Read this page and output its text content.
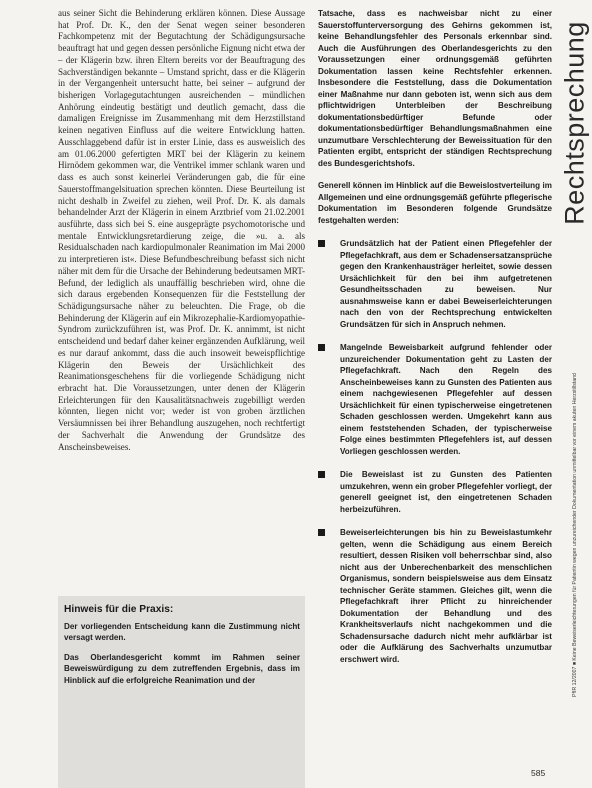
aus seiner Sicht die Behinderung erklären können. Diese Aussage hat Prof. Dr. K., den der Senat wegen seiner besonderen Fachkompetenz mit der Begutachtung der Schädigungsursache beauftragt hat und gegen dessen persönliche Eignung nicht etwa der – der Klägerin bzw. ihren Eltern bereits vor der Beauftragung des Sachverständigen bekannte – Umstand spricht, dass er die Klägerin in der Vergangenheit untersucht hatte, bei seiner – aufgrund der bisherigen Vorlagegutachtungen ausreichenden – mündlichen Anhörung eindeutig bestätigt und deutlich gemacht, dass die damaligen Ereignisse im Zusammenhang mit dem Herzstillstand keinen negativen Einfluss auf die weitere Entwicklung hatten. Ausschlaggebend dafür ist in erster Linie, dass es ausweislich des am 01.06.2000 gefertigten MRT bei der Klägerin zu keinem Hirnödem gekommen war, die Ventrikel immer schlank waren und dass es auch sonst keinerlei Veränderungen gab, die für eine Sauerstoffmangelsituation sprechen könnten. Diese Beurteilung ist nicht deshalb in Zweifel zu ziehen, weil Prof. Dr. K. als damals behandelnder Arzt der Klägerin in einem Arztbrief vom 21.02.2001 ausführte, dass sich bei S. eine ausgeprägte psychomotorische und mentale Entwicklungsretardierung zeige, die »u. a. als Residualschaden nach kardiopulmonaler Reanimation im Mai 2000 zu interpretieren ist«. Diese Befundbeschreibung befasst sich nicht näher mit dem für die Ursache der Behinderung bedeutsamen MRT-Befund, der lediglich als unauffällig beschrieben wird, ohne die sich daraus ergebenden Konsequenzen für die Feststellung der Schädigungsursache näher zu beleuchten. Die Frage, ob die Behinderung der Klägerin auf ein Mikrozephalie-Kardiomyopathie-Syndrom zurückzuführen ist, was Prof. Dr. K. annimmt, ist nicht entscheidend und bedarf daher keiner ergänzenden Aufklärung, weil es nur darauf ankommt, dass die auch insoweit beweispflichtige Klägerin den Beweis der Ursächlichkeit des Reanimationsgeschehens für die vorliegende Schädigung nicht erbracht hat. Die Voraussetzungen, unter denen der Klägerin Erleichterungen für den Kausalitätsnachweis zugebilligt werden könnten, liegen nicht vor; weder ist von groben ärztlichen Versäumnissen bei ihrer Behandlung auszugehen, noch rechtfertigt der Sachverhalt die Anwendung der Grundsätze des Anscheinsbeweises.

Hinweis für die Praxis:

Der vorliegenden Entscheidung kann die Zustimmung nicht versagt werden.

Das Oberlandesgericht kommt im Rahmen seiner Beweiswürdigung zu dem zutreffenden Ergebnis, dass im Hinblick auf die erfolgreiche Reanimation und der

Tatsache, dass es nachweisbar nicht zu einer Sauerstoffunterversorgung des Gehirns gekommen ist, keine Behandlungsfehler des Personals erkennbar sind. Auch die Ausführungen des Oberlandesgerichts zu den Voraussetzungen einer ordnungsgemäß geführten Dokumentation lassen keine Rechtsfehler erkennen. Insbesondere die Feststellung, dass die Dokumentation einer Maßnahme nur dann geboten ist, wenn sich aus dem pflichtwidrigen Unterbleiben der Beschreibung dokumentationsbedürftiger Befunde oder dokumentationsbedürftiger Behandlungsmaßnahmen eine unzumutbare Verschlechterung der Beweissituation für den Patienten ergibt, entspricht der ständigen Rechtsprechung des Bundesgerichtshofs.

Generell können im Hinblick auf die Beweislostverteilung im Allgemeinen und eine ordnungsgemäß geführte pflegerische Dokumentation im Besonderen folgende Grundsätze festgehalten werden:

Grundsätzlich hat der Patient einen Pflegefehler der Pflegefachkraft, aus dem er Schadensersatzansprüche gegen den Krankenhausträger herleitet, sowie dessen Ursächlichkeit für den bei ihm aufgetretenen Gesundheitsschaden zu beweisen. Nur ausnahmsweise kann er dabei Beweiserleichterungen nach den von der Rechtsprechung entwickelten Grundsätzen für sich in Anspruch nehmen.

Mangelnde Beweisbarkeit aufgrund fehlender oder unzureichender Dokumentation geht zu Lasten der Pflegefachkraft. Nach den Regeln des Anscheinbeweises kann zu Gunsten des Patienten aus einem nachgewiesenen Pflegefehler auf dessen Ursächlichkeit für einen typischerweise eingetretenen Schaden geschlossen werden. Umgekehrt kann aus einem feststehenden Schaden, der typischerweise Folge eines bestimmten Pflegefehlers ist, auf dessen Vorliegen geschlossen werden.

Die Beweislast ist zu Gunsten des Patienten umzukehren, wenn ein grober Pflegefehler vorliegt, der generell geeignet ist, den eingetretenen Schaden herbeizuführen.

Beweiserleichterungen bis hin zu Beweislastumkehr gelten, wenn die Schädigung aus einem Bereich resultiert, dessen Risiken voll beherrschbar sind, also nicht aus der Unberechenbarkeit des menschlichen Organismus, sondern beispielsweise aus dem Einsatz technischer Geräte stammen. Gleiches gilt, wenn die Pflegefachkraft ihrer Pflicht zu hinreichender Dokumentation der Behandlung und des Krankheitsverlaufs nicht nachgekommen und die Schadensursache dadurch nicht mehr aufklärbar ist oder die Aufklärung des Sachverhalts unzumutbar erschwert wird.

Rechtsprechung
PfIR 12/2007 ■ Keine Beweiserleichterungen für Patientin wegen unzureichender Dokumentation unmittelbar vor einem akuten Herzstillstand
585
